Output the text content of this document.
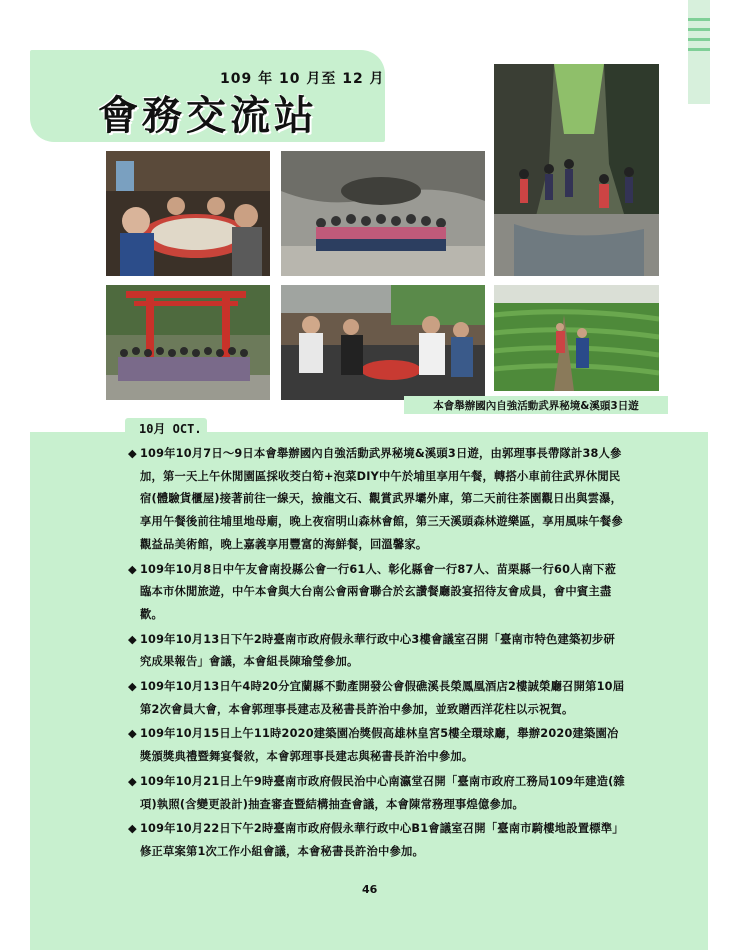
109 年 10 月至 12 月
會務交流站
本會舉辦國內自強活動武界秘境&溪頭3日遊
10月 OCT.
◆ 109年10月7日～9日本會舉辦國內自強活動武界秘境&溪頭3日遊，由郭理事長帶隊計38人參加，第一天上午休閒園區採收茭白筍+泡菜DIY中午於埔里享用午餐，轉搭小車前往武界休閒民宿(體驗貨櫃屋)接著前往一線天，撿龍文石、觀賞武界壩外庫，第二天前往茶園觀日出與雲瀑，享用午餐後前往埔里地母廟，晚上夜宿明山森林會館，第三天溪頭森林遊樂區，享用風味午餐參觀益品美術館，晚上嘉義享用豐富的海鮮餐，回溫馨家。
◆ 109年10月8日中午友會南投縣公會一行61人、彰化縣會一行87人、苗栗縣一行60人南下蒞臨本市休閒旅遊，中午本會與大台南公會兩會聯合於玄讚餐廳設宴招待友會成員，會中賓主盡歡。
◆ 109年10月13日下午2時臺南市政府假永華行政中心3樓會議室召開「臺南市特色建築初步研究成果報告」會議，本會組長陳瑜瑩參加。
◆ 109年10月13日午4時20分宜蘭縣不動產開發公會假礁溪長榮鳳凰酒店2樓誠榮廳召開第10屆第2次會員大會，本會郭理事長建志及秘書長許治中參加，並致贈西洋花柱以示祝賀。
◆ 109年10月15日上午11時2020建築園冶獎假高雄林皇宮5樓全環球廳，舉辦2020建築園冶獎頒獎典禮暨舞宴餐敘，本會郭理事長建志與秘書長許治中參加。
◆ 109年10月21日上午9時臺南市政府假民治中心南瀛堂召開「臺南市政府工務局109年建造(雜項)執照(含變更設計)抽查審查暨結構抽查會議，本會陳常務理事煌億參加。
◆ 109年10月22日下午2時臺南市政府假永華行政中心B1會議室召開「臺南市騎樓地設置標準」修正草案第1次工作小組會議，本會秘書長許治中參加。
46
